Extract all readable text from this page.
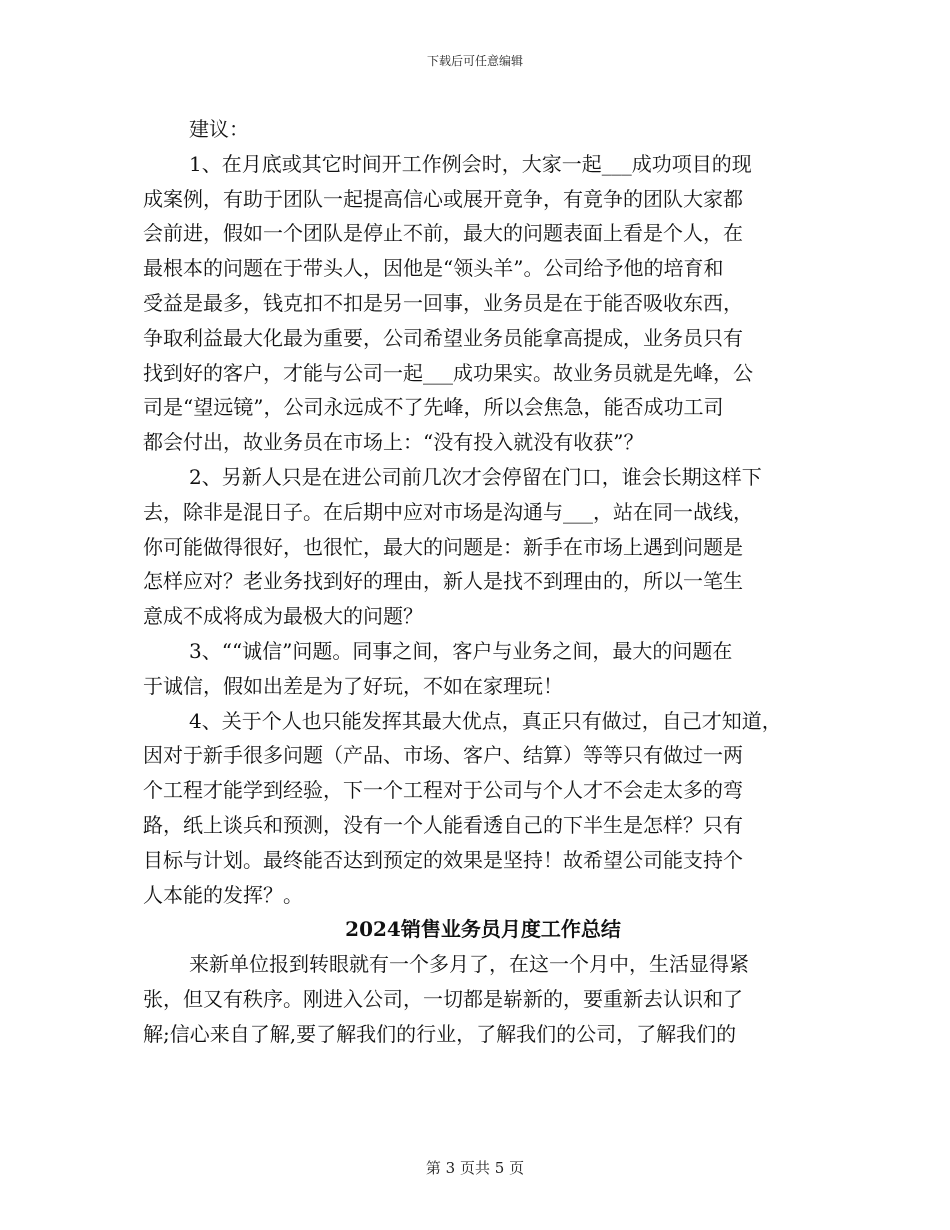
下载后可任意编辑
建议：
1、在月底或其它时间开工作例会时，大家一起___成功项目的现
成案例，有助于团队一起提高信心或展开竟争，有竟争的团队大家都
会前进，假如一个团队是停止不前，最大的问题表面上看是个人，在
最根本的问题在于带头人，因他是“领头羊”。公司给予他的培育和
受益是最多，钱克扣不扣是另一回事，业务员是在于能否吸收东西，
争取利益最大化最为重要，公司希望业务员能拿高提成，业务员只有
找到好的客户，才能与公司一起___成功果实。故业务员就是先峰，公
司是“望远镜”，公司永远成不了先峰，所以会焦急，能否成功工司
都会付出，故业务员在市场上：“没有投入就没有收获”？
2、另新人只是在进公司前几次才会停留在门口，谁会长期这样下
去，除非是混日子。在后期中应对市场是沟通与___，站在同一战线，
你可能做得很好，也很忙，最大的问题是：新手在市场上遇到问题是
怎样应对？老业务找到好的理由，新人是找不到理由的，所以一笔生
意成不成将成为最极大的问题？
3、““诚信”问题。同事之间，客户与业务之间，最大的问题在
于诚信，假如出差是为了好玩，不如在家理玩！
4、关于个人也只能发挥其最大优点，真正只有做过，自己才知道，
因对于新手很多问题（产品、市场、客户、结算）等等只有做过一两
个工程才能学到经验，下一个工程对于公司与个人才不会走太多的弯
路，纸上谈兵和预测，没有一个人能看透自己的下半生是怎样？只有
目标与计划。最终能否达到预定的效果是坚持！故希望公司能支持个
人本能的发挥？。
2024销售业务员月度工作总结
来新单位报到转眼就有一个多月了，在这一个月中，生活显得紧
张，但又有秩序。刚进入公司，一切都是崭新的，要重新去认识和了
解;信心来自了解,要了解我们的行业，了解我们的公司，了解我们的
第 3 页共 5 页
